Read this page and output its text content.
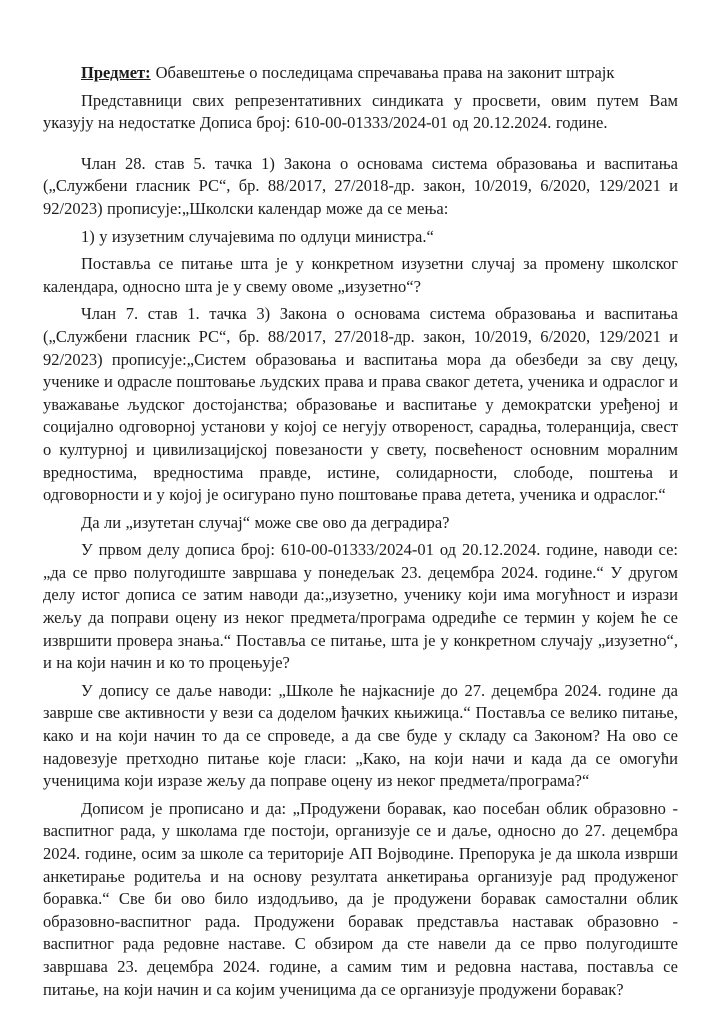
Предмет: Обавештење о последицама спречавања права на законит штрајк

Представници свих репрезентативних синдиката у просвети, овим путем Вам указују на недостатке Дописа број: 610-00-01333/2024-01 од 20.12.2024. године.

Члан 28. став 5. тачка 1) Закона о основама система образовања и васпитања („Службени гласник РС“, бр. 88/2017, 27/2018-др. закон, 10/2019, 6/2020, 129/2021 и 92/2023) прописује:„Школски календар може да се мења:

1) у изузетним случајевима по одлуци министра.“

Поставља се питање шта је у конкретном изузетни случај за промену школског календара, односно шта је у свему овоме „изузетно“?

Члан 7. став 1. тачка 3) Закона о основама система образовања и васпитања („Службени гласник РС“, бр. 88/2017, 27/2018-др. закон, 10/2019, 6/2020, 129/2021 и 92/2023) прописује:„Систем образовања и васпитања мора да обезбеди за сву децу, ученике и одрасле поштовање људских права и права сваког детета, ученика и одраслог и уважавање људског достојанства; образовање и васпитање у демократски уређеној и социјално одговорној установи у којој се негују отвореност, сарадња, толеранција, свест о културној и цивилизацијској повезаности у свету, посвећеност основним моралним вредностима, вредностима правде, истине, солидарности, слободе, поштења и одговорности и у којој је осигурано пуно поштовање права детета, ученика и одраслог.“

Да ли „изутетан случај“ може све ово да деградира?

У првом делу дописа број: 610-00-01333/2024-01 од 20.12.2024. године, наводи се:„да се прво полугодиште завршава у понедељак 23. децембра 2024. године.“ У другом делу истог дописа се затим наводи да:„изузетно, ученику који има могућност и изрази жељу да поправи оцену из неког предмета/програма одредиће се термин у којем ће се извршити провера знања.“ Поставља се питање, шта је у конкретном случају „изузетно“, и на који начин и ко то процењује?

У допису се даље наводи: „Школе ће најкасније до 27. децембра 2024. године да заврше све активности у вези са доделом ђачких књижица.“ Поставља се велико питање, како и на који начин то да се спроведе, а да све буде у складу са Законом? На ово се надовезује претходно питање које гласи: „Како, на који начи и када да се омогући ученицима који изразе жељу да поправе оцену из неког предмета/програма?“

Дописом је прописано и да: „Продужени боравак, као посебан облик образовно - васпитног рада, у школама где постоји, организује се и даље, односно до 27. децембра 2024. године, осим за школе са територије АП Војводине. Препорука је да школа изврши анкетирање родитеља и на основу резултата анкетирања организује рад продуженог боравка.“ Све би ово било издодљиво, да је продужени боравак самостални облик образовно-васпитног рада. Продужени боравак представља наставак образовно - васпитног рада редовне наставе. С обзиром да сте навели да се прво полугодиште завршава 23. децембра 2024. године, а самим тим и редовна настава, поставља се питање, на који начин и са којим ученицима да се организује продужени боравак?
